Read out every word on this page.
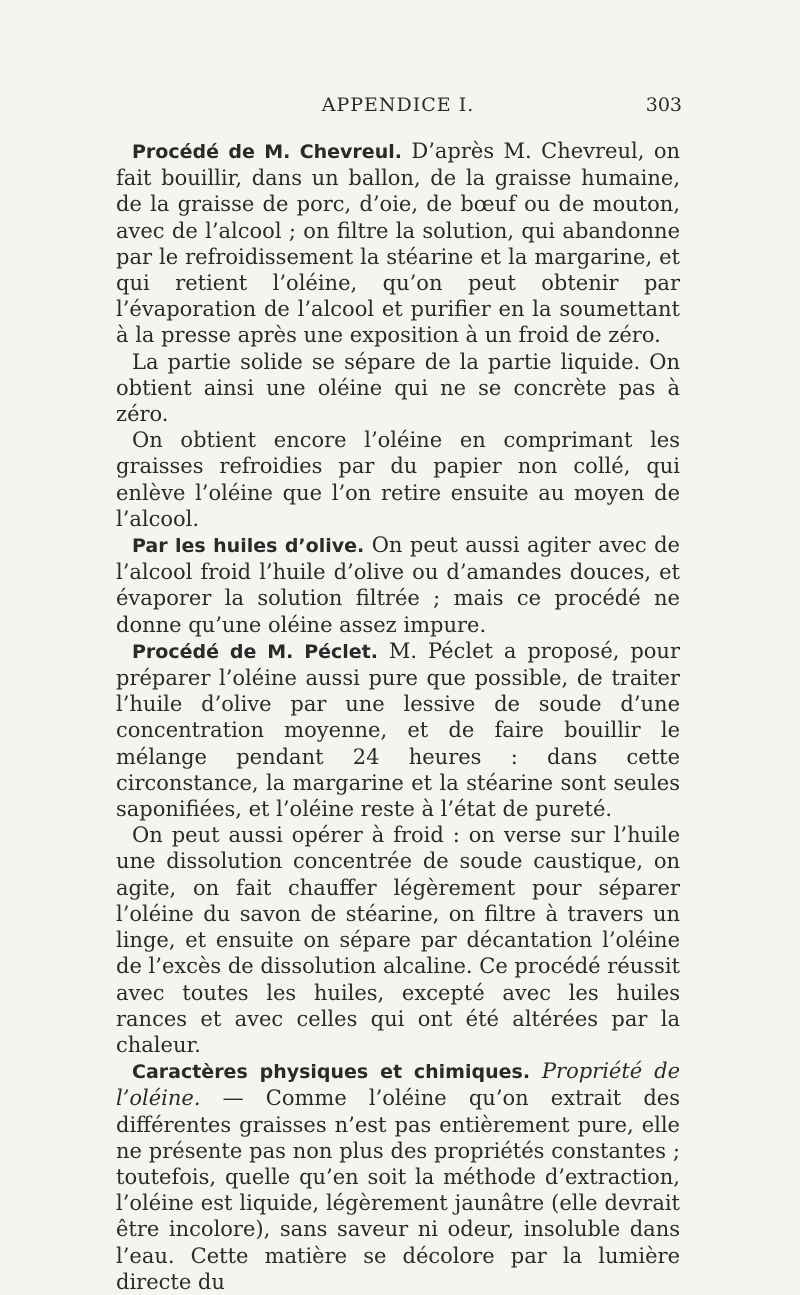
APPENDICE I.	303

Procédé de M. Chevreul. D’après M. Chevreul, on fait bouillir, dans un ballon, de la graisse humaine, de la graisse de porc, d’oie, de bœuf ou de mouton, avec de l’alcool ; on filtre la solution, qui abandonne par le refroidissement la stéarine et la margarine, et qui retient l’oléine, qu’on peut obtenir par l’évaporation de l’alcool et purifier en la soumettant à la presse après une exposition à un froid de zéro.

La partie solide se sépare de la partie liquide. On obtient ainsi une oléine qui ne se concrète pas à zéro.

On obtient encore l’oléine en comprimant les graisses refroidies par du papier non collé, qui enlève l’oléine que l’on retire ensuite au moyen de l’alcool.

Par les huiles d’olive. On peut aussi agiter avec de l’alcool froid l’huile d’olive ou d’amandes douces, et évaporer la solution filtrée ; mais ce procédé ne donne qu’une oléine assez impure.

Procédé de M. Péclet. M. Péclet a proposé, pour préparer l’oléine aussi pure que possible, de traiter l’huile d’olive par une lessive de soude d’une concentration moyenne, et de faire bouillir le mélange pendant 24 heures : dans cette circonstance, la margarine et la stéarine sont seules saponifiées, et l’oléine reste à l’état de pureté.

On peut aussi opérer à froid : on verse sur l’huile une dissolution concentrée de soude caustique, on agite, on fait chauffer légèrement pour séparer l’oléine du savon de stéarine, on filtre à travers un linge, et ensuite on sépare par décantation l’oléine de l’excès de dissolution alcaline. Ce procédé réussit avec toutes les huiles, excepté avec les huiles rances et avec celles qui ont été altérées par la chaleur.

Caractères physiques et chimiques. Propriété de l’oléine. — Comme l’oléine qu’on extrait des différentes graisses n’est pas entièrement pure, elle ne présente pas non plus des propriétés constantes ; toutefois, quelle qu’en soit la méthode d’extraction, l’oléine est liquide, légèrement jaunâtre (elle devrait être incolore), sans saveur ni odeur, insoluble dans l’eau. Cette matière se décolore par la lumière directe du
